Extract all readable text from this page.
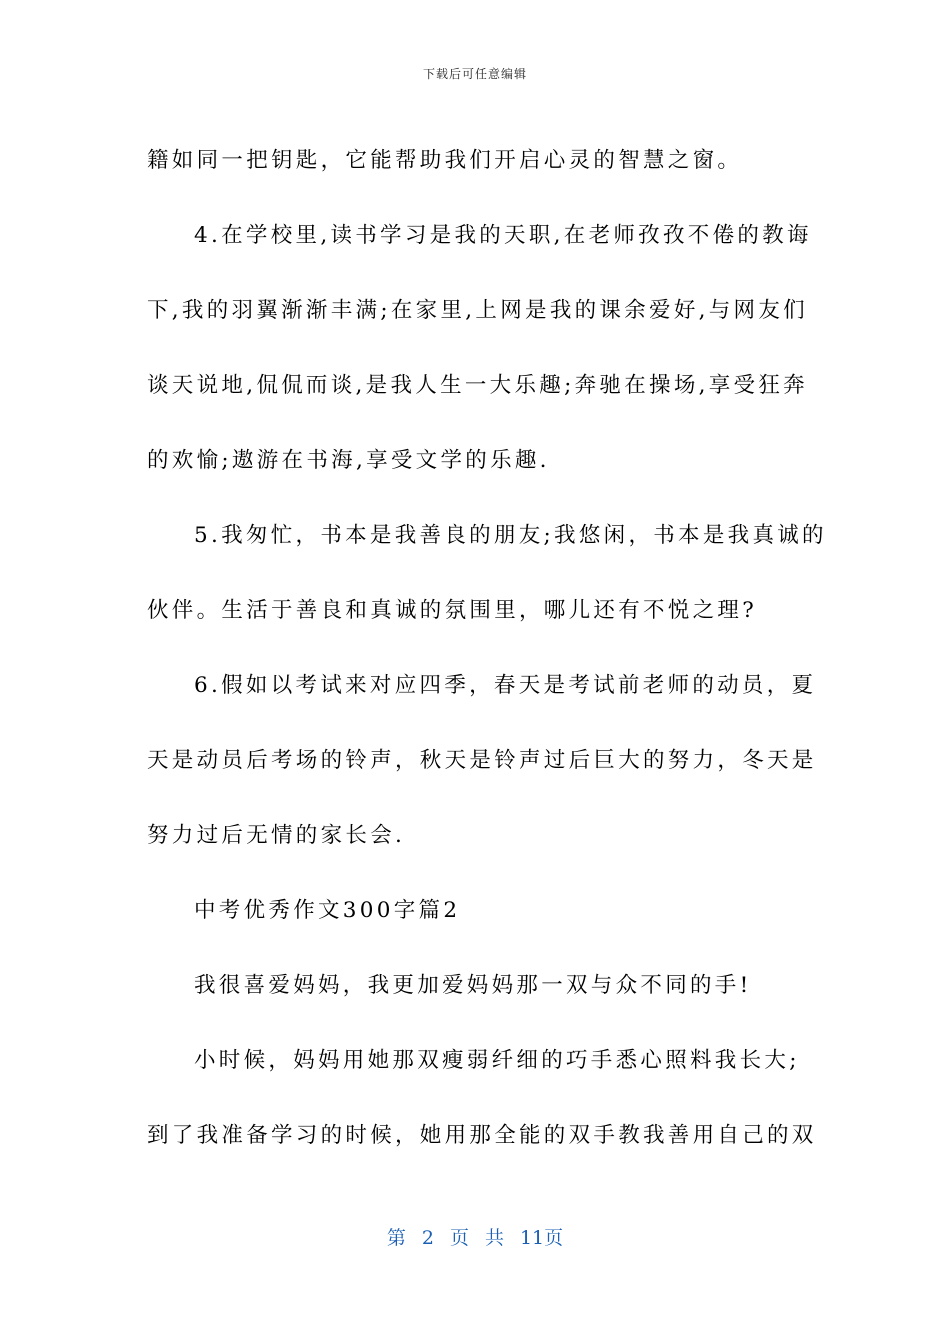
下载后可任意编辑

籍如同一把钥匙，它能帮助我们开启心灵的智慧之窗。

4.在学校里,读书学习是我的天职,在老师孜孜不倦的教诲

下,我的羽翼渐渐丰满;在家里,上网是我的课余爱好,与网友们

谈天说地,侃侃而谈,是我人生一大乐趣;奔驰在操场,享受狂奔

的欢愉;遨游在书海,享受文学的乐趣.

5.我匆忙，书本是我善良的朋友;我悠闲，书本是我真诚的

伙伴。生活于善良和真诚的氛围里，哪儿还有不悦之理?

6.假如以考试来对应四季，春天是考试前老师的动员，夏

天是动员后考场的铃声，秋天是铃声过后巨大的努力，冬天是

努力过后无情的家长会.

中考优秀作文300字篇2

我很喜爱妈妈，我更加爱妈妈那一双与众不同的手!

小时候，妈妈用她那双瘦弱纤细的巧手悉心照料我长大;

到了我准备学习的时候，她用那全能的双手教我善用自己的双

第 2 页 共 11页
